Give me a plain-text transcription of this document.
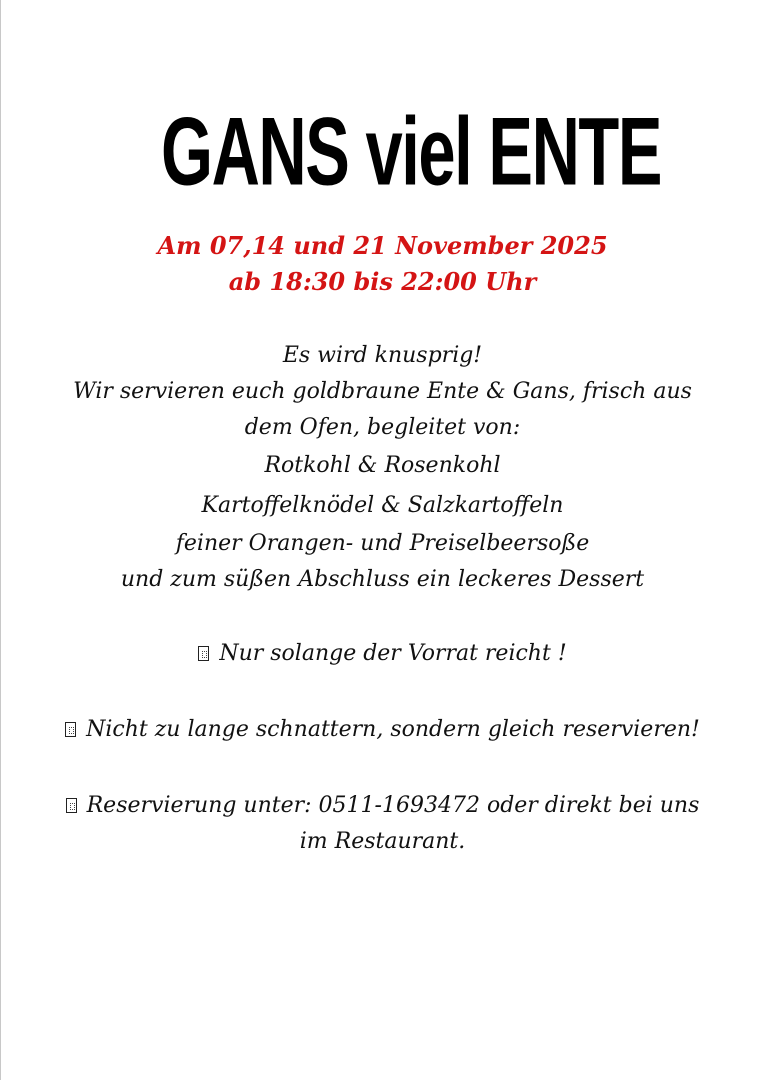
GANS viel ENTE
Am 07,14 und 21 November 2025
ab 18:30 bis 22:00 Uhr
Es wird knusprig!
Wir servieren euch goldbraune Ente & Gans, frisch aus
dem Ofen, begleitet von:
Rotkohl & Rosenkohl
Kartoffelknödel & Salzkartoffeln
feiner Orangen- und Preiselbeersoße
und zum süßen Abschluss ein leckeres Dessert
Nur solange der Vorrat reicht !
Nicht zu lange schnattern, sondern gleich reservieren!
Reservierung unter: 0511-1693472 oder direkt bei uns
im Restaurant.
